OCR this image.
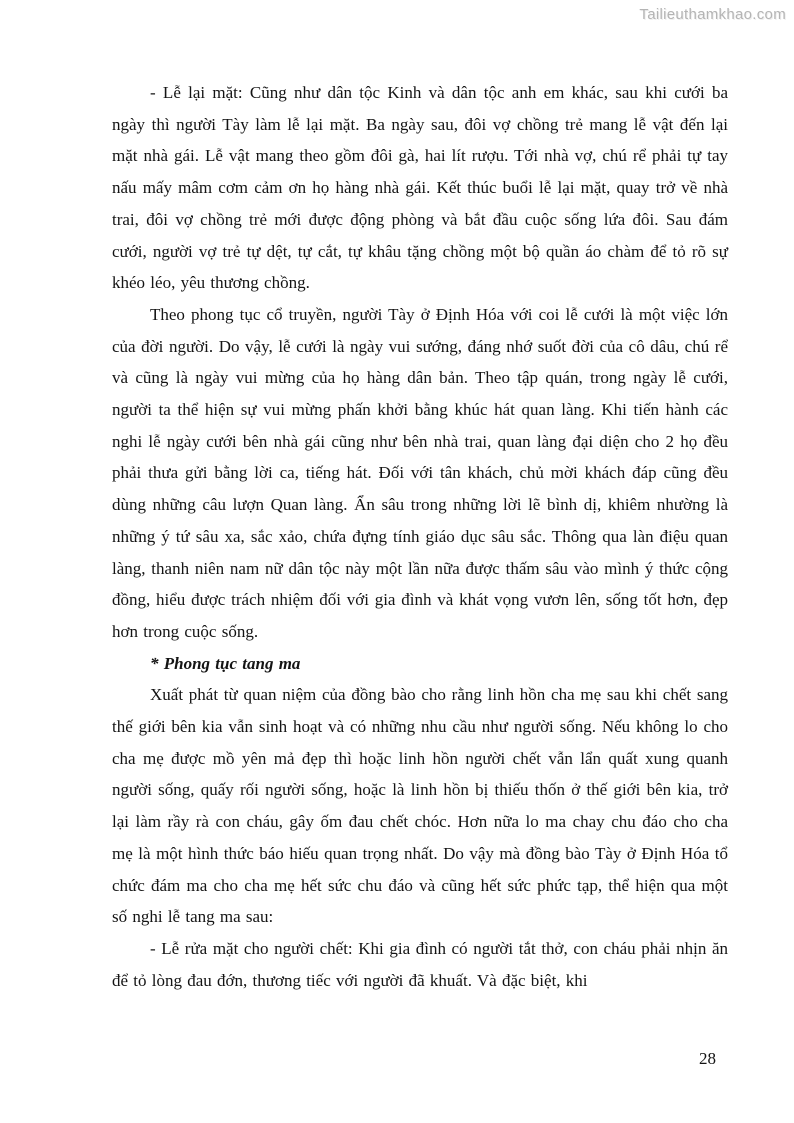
Tailieuthamkhao.com

- Lễ lại mặt: Cũng như dân tộc Kinh và dân tộc anh em khác, sau khi cưới ba ngày thì người Tày làm lễ lại mặt. Ba ngày sau, đôi vợ chồng trẻ mang lễ vật đến lại mặt nhà gái. Lễ vật mang theo gồm đôi gà, hai lít rượu. Tới nhà vợ, chú rể phải tự tay nấu mấy mâm cơm cảm ơn họ hàng nhà gái. Kết thúc buổi lễ lại mặt, quay trở về nhà trai, đôi vợ chồng trẻ mới được động phòng và bắt đầu cuộc sống lứa đôi. Sau đám cưới, người vợ trẻ tự dệt, tự cắt, tự khâu tặng chồng một bộ quần áo chàm để tỏ rõ sự khéo léo, yêu thương chồng.

Theo phong tục cổ truyền, người Tày ở Định Hóa với coi lễ cưới là một việc lớn của đời người. Do vậy, lễ cưới là ngày vui sướng, đáng nhớ suốt đời của cô dâu, chú rể và cũng là ngày vui mừng của họ hàng dân bản. Theo tập quán, trong ngày lễ cưới, người ta thể hiện sự vui mừng phấn khởi bằng khúc hát quan làng. Khi tiến hành các nghi lễ ngày cưới bên nhà gái cũng như bên nhà trai, quan làng đại diện cho 2 họ đều phải thưa gửi bằng lời ca, tiếng hát. Đối với tân khách, chủ mời khách đáp cũng đều dùng những câu lượn Quan làng. Ẩn sâu trong những lời lẽ bình dị, khiêm nhường là những ý tứ sâu xa, sắc xảo, chứa đựng tính giáo dục sâu sắc. Thông qua làn điệu quan làng, thanh niên nam nữ dân tộc này một lần nữa được thấm sâu vào mình ý thức cộng đồng, hiểu được trách nhiệm đối với gia đình và khát vọng vươn lên, sống tốt hơn, đẹp hơn trong cuộc sống.

* Phong tục tang ma

Xuất phát từ quan niệm của đồng bào cho rằng linh hồn cha mẹ sau khi chết sang thế giới bên kia vẫn sinh hoạt và có những nhu cầu như người sống. Nếu không lo cho cha mẹ được mồ yên mả đẹp thì hoặc linh hồn người chết vẫn lẩn quất xung quanh người sống, quấy rối người sống, hoặc là linh hồn bị thiếu thốn ở thế giới bên kia, trở lại làm rầy rà con cháu, gây ốm đau chết chóc. Hơn nữa lo ma chay chu đáo cho cha mẹ là một hình thức báo hiếu quan trọng nhất. Do vậy mà đồng bào Tày ở Định Hóa tổ chức đám ma cho cha mẹ hết sức chu đáo và cũng hết sức phức tạp, thể hiện qua một số nghi lễ tang ma sau:

- Lễ rửa mặt cho người chết: Khi gia đình có người tắt thở, con cháu phải nhịn ăn để tỏ lòng đau đớn, thương tiếc với người đã khuất. Và đặc biệt, khi

28
